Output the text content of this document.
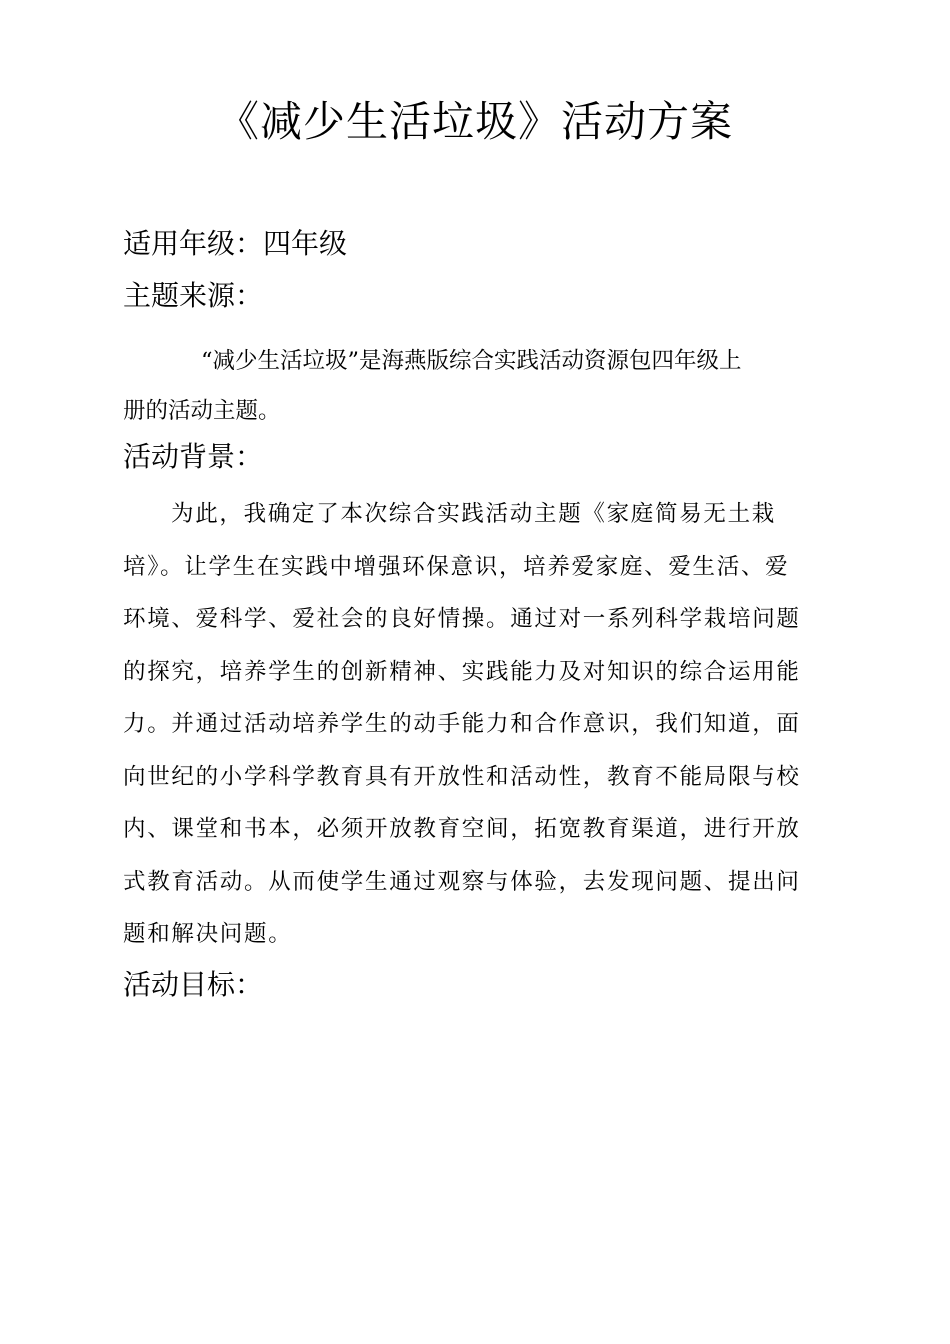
《减少生活垃圾》活动方案
适用年级：四年级
主题来源：
“减少生活垃圾”是海燕版综合实践活动资源包四年级上
册的活动主题。
活动背景：
为此，我确定了本次综合实践活动主题《家庭简易无土栽
培》。让学生在实践中增强环保意识，培养爱家庭、爱生活、爱
环境、爱科学、爱社会的良好情操。通过对一系列科学栽培问题
的探究，培养学生的创新精神、实践能力及对知识的综合运用能
力。并通过活动培养学生的动手能力和合作意识，我们知道，面
向世纪的小学科学教育具有开放性和活动性，教育不能局限与校
内、课堂和书本，必须开放教育空间，拓宽教育渠道，进行开放
式教育活动。从而使学生通过观察与体验，去发现问题、提出问
题和解决问题。
活动目标：
